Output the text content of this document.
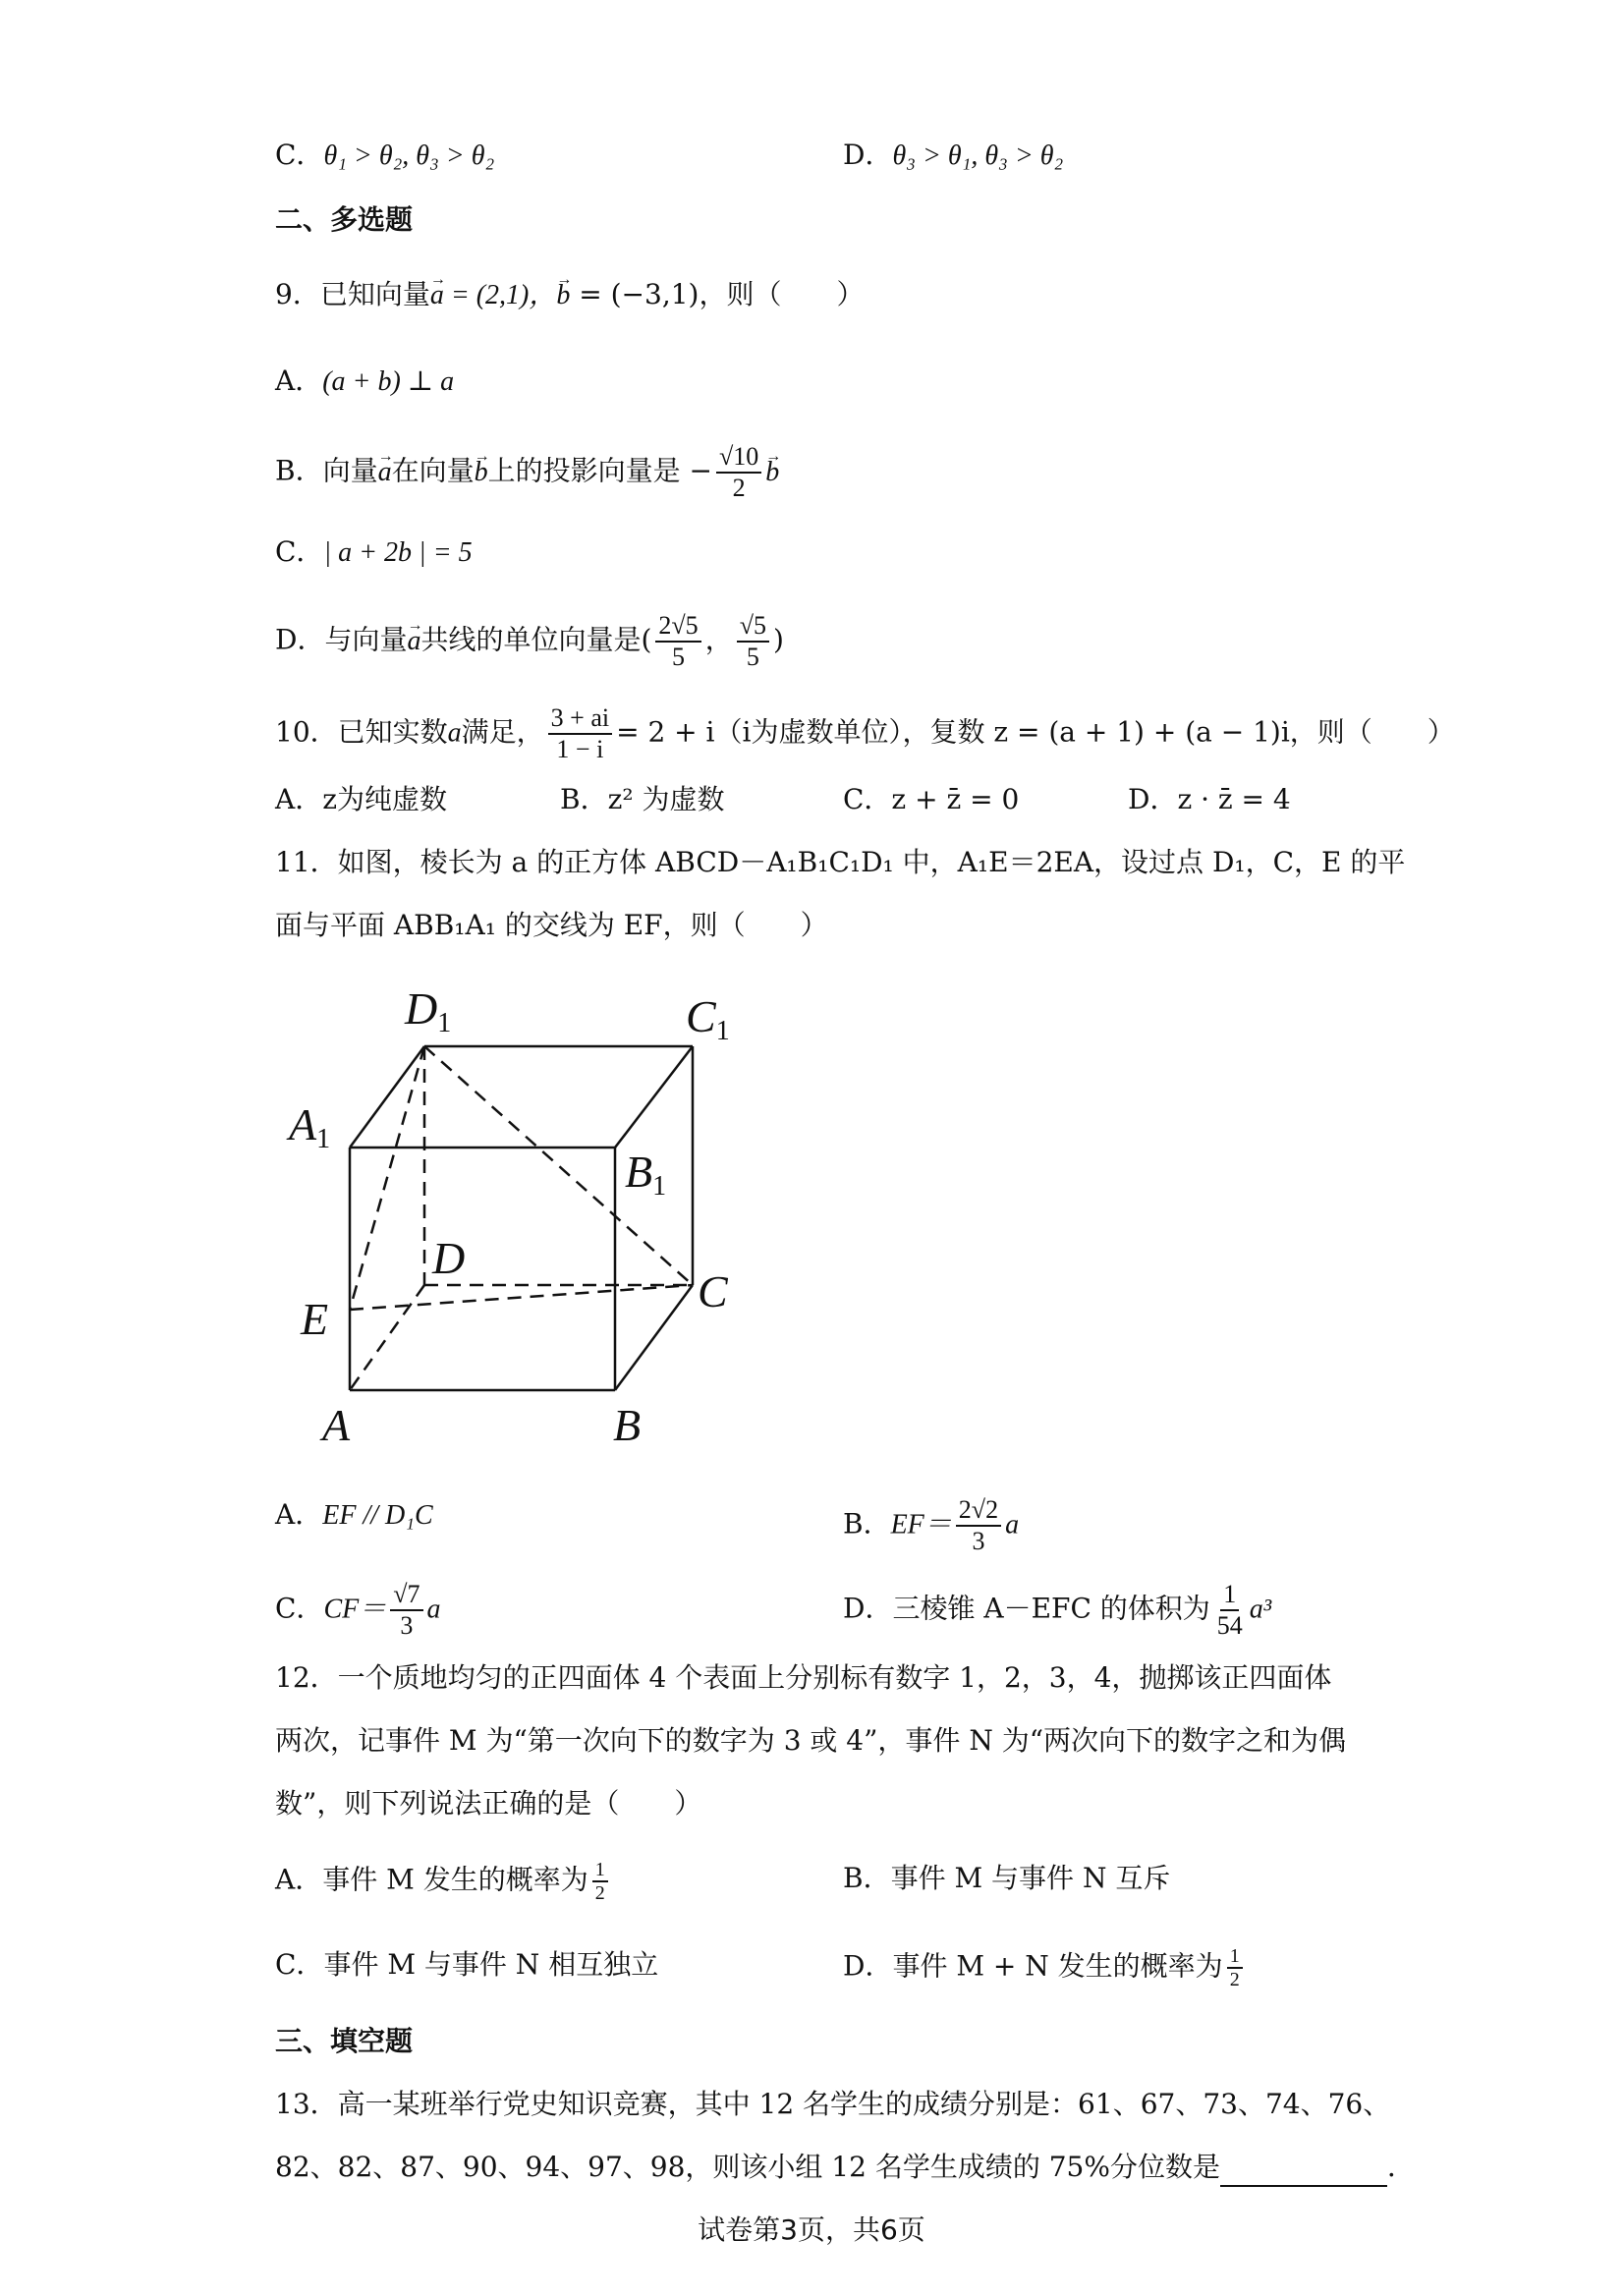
C．θ₁ > θ₂, θ₃ > θ₂	D．θ₃ > θ₁, θ₃ > θ₂
二、多选题
9．已知向量→ a = (2,1)，→ b = (−3,1)，则（　　）
A．(a + b) ⊥ a
B．向量→ a在向量→ b上的投影向量是 − $\frac{√10}{2}$
→ b
C．| a + 2b | = 5
D．与向量→ a共线的单位向量是( $\frac{2√5}{5}$ ， $\frac{√5}{5}$ )
10．已知实数a满足， $\frac{3 + ai}{1 - i} = 2 + i(i$为虚数单位），复数 z = (a + 1) + (a − 1)i，则（　　）
A．z为纯虚数	B．z² 为虚数	C．z + z̄ = 0	D．z · z̄ = 4
11．如图，棱长为 a 的正方体 ABCD－A₁B₁C₁D₁ 中，A₁E＝2EA，设过点 D₁，C，E 的平
面与平面 ABB₁A₁ 的交线为 EF，则（　　）
D1	C1
A1
B1
D
C
E
A	B
A．EF // D₁C	B．$EF= \frac{2√2}{3}$ a
C．$CF= \frac{√7}{3}$ a	D．三棱锥 A－EFC 的体积为 $\frac{1}{54} a^3$
12．一个质地均匀的正四面体 4 个表面上分别标有数字 1，2，3，4，抛掷该正四面体
两次，记事件 M 为“第一次向下的数字为 3 或 4”，事件 N 为“两次向下的数字之和为偶
数”，则下列说法正确的是（　　）
A．事件 M 发生的概率为 $\frac{1}{2}$	B．事件 M 与事件 N 互斥
C．事件 M 与事件 N 相互独立	D．事件 M + N 发生的概率为 $\frac{1}{2}$
三、填空题
13．高一某班举行党史知识竞赛，其中 12 名学生的成绩分别是：61、67、73、74、76、
82、82、87、90、94、97、98，则该小组 12 名学生成绩的 75%分位数是	．
试卷第3页，共6页
